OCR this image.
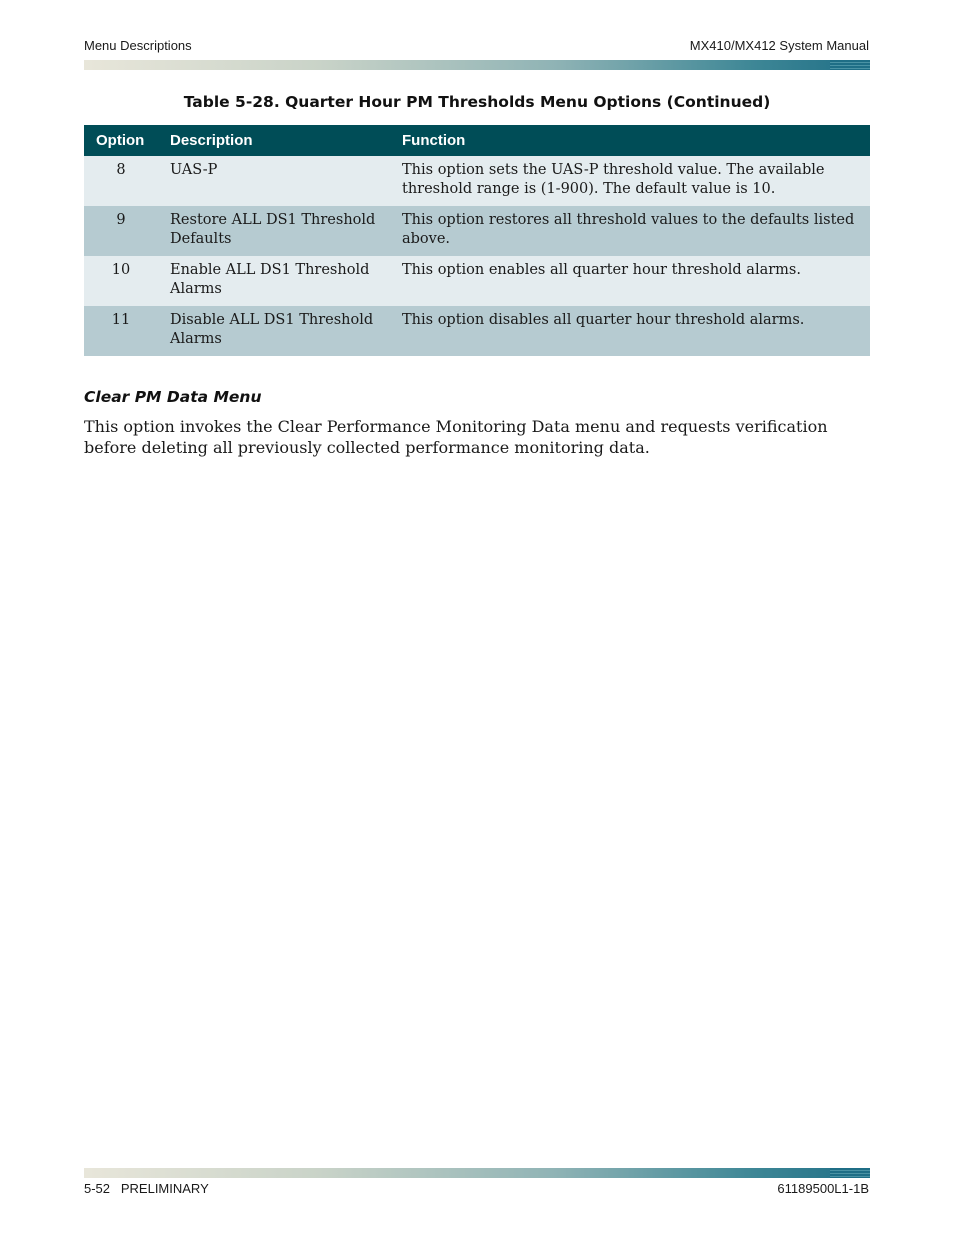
Menu Descriptions	MX410/MX412 System Manual
Table 5-28. Quarter Hour PM Thresholds Menu Options (Continued)
Option	Description	Function
8	UAS-P	This option sets the UAS-P threshold value. The available threshold range is (1-900). The default value is 10.
9	Restore ALL DS1 Threshold Defaults	This option restores all threshold values to the defaults listed above.
10	Enable ALL DS1 Threshold Alarms	This option enables all quarter hour threshold alarms.
11	Disable ALL DS1 Threshold Alarms	This option disables all quarter hour threshold alarms.
Clear PM Data Menu
This option invokes the Clear Performance Monitoring Data menu and requests verification before deleting all previously collected performance monitoring data.
5-52   PRELIMINARY	61189500L1-1B
